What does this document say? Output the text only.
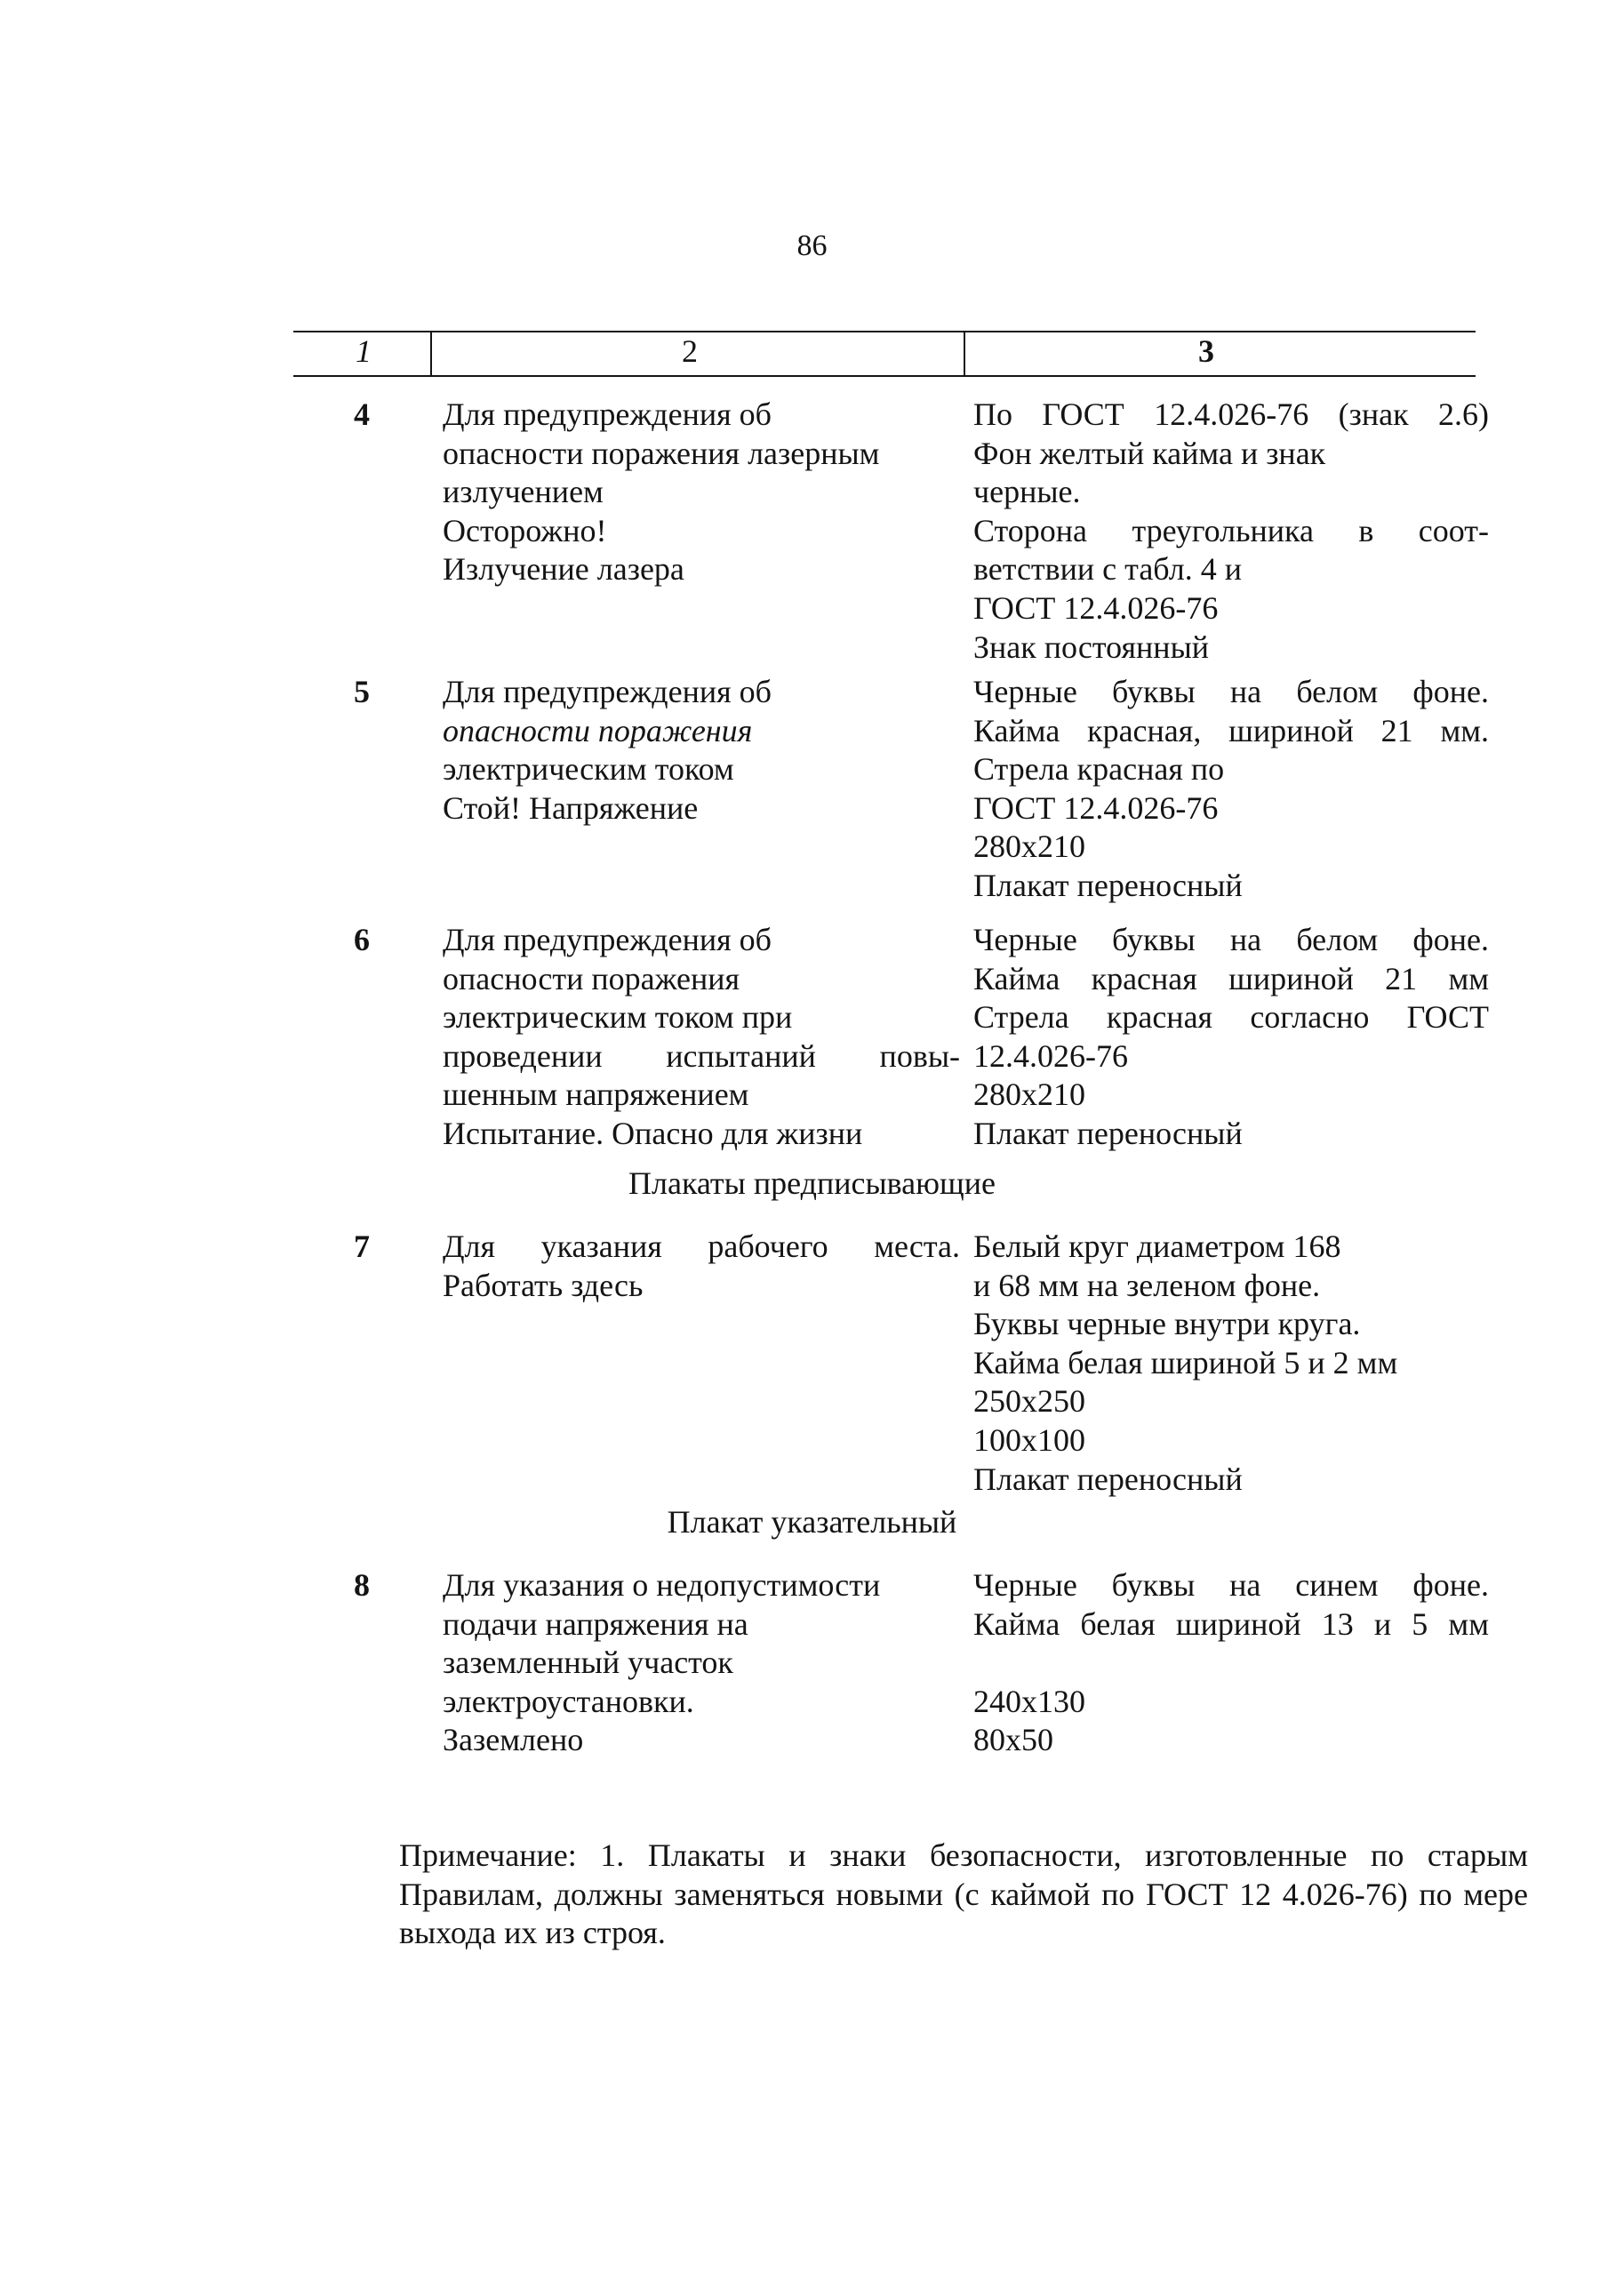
86
1	2	3
4 Для предупреждения об
опасности поражения лазерным
излучением
Осторожно!
Излучение лазера
По ГОСТ 12.4.026-76 (знак 2.6)
Фон желтый кайма и знак
черные.
Сторона треугольника в соот-
ветствии с табл. 4 и
ГОСТ 12.4.026-76
Знак постоянный
5 Для предупреждения об
опасности поражения
электрическим током
Стой! Напряжение
Черные буквы на белом фоне.
Кайма красная, шириной 21 мм.
Стрела красная по
ГОСТ 12.4.026-76
280x210
Плакат переносный
6 Для предупреждения об
опасности поражения
электрическим током при
проведении испытаний повы-
шенным напряжением
Испытание. Опасно для жизни
Черные буквы на белом фоне.
Кайма красная шириной 21 мм
Стрела красная согласно ГОСТ
12.4.026-76
280x210
Плакат переносный
Плакаты предписывающие
7 Для указания рабочего места.
Работать здесь
Белый круг диаметром 168
и 68 мм на зеленом фоне.
Буквы черные внутри круга.
Кайма белая шириной 5 и 2 мм
250x250
100x100
Плакат переносный
Плакат указательный
8 Для указания о недопустимости
подачи напряжения на
заземленный участок
электроустановки.
Заземлено
Черные буквы на синем фоне.
Кайма белая шириной 13 и 5 мм
240x130
80x50
Примечание: 1. Плакаты и знаки безопасности, изготовленные по старым Правилам, должны заменяться новыми (с каймой по ГОСТ 12 4.026-76) по мере выхода их из строя.
